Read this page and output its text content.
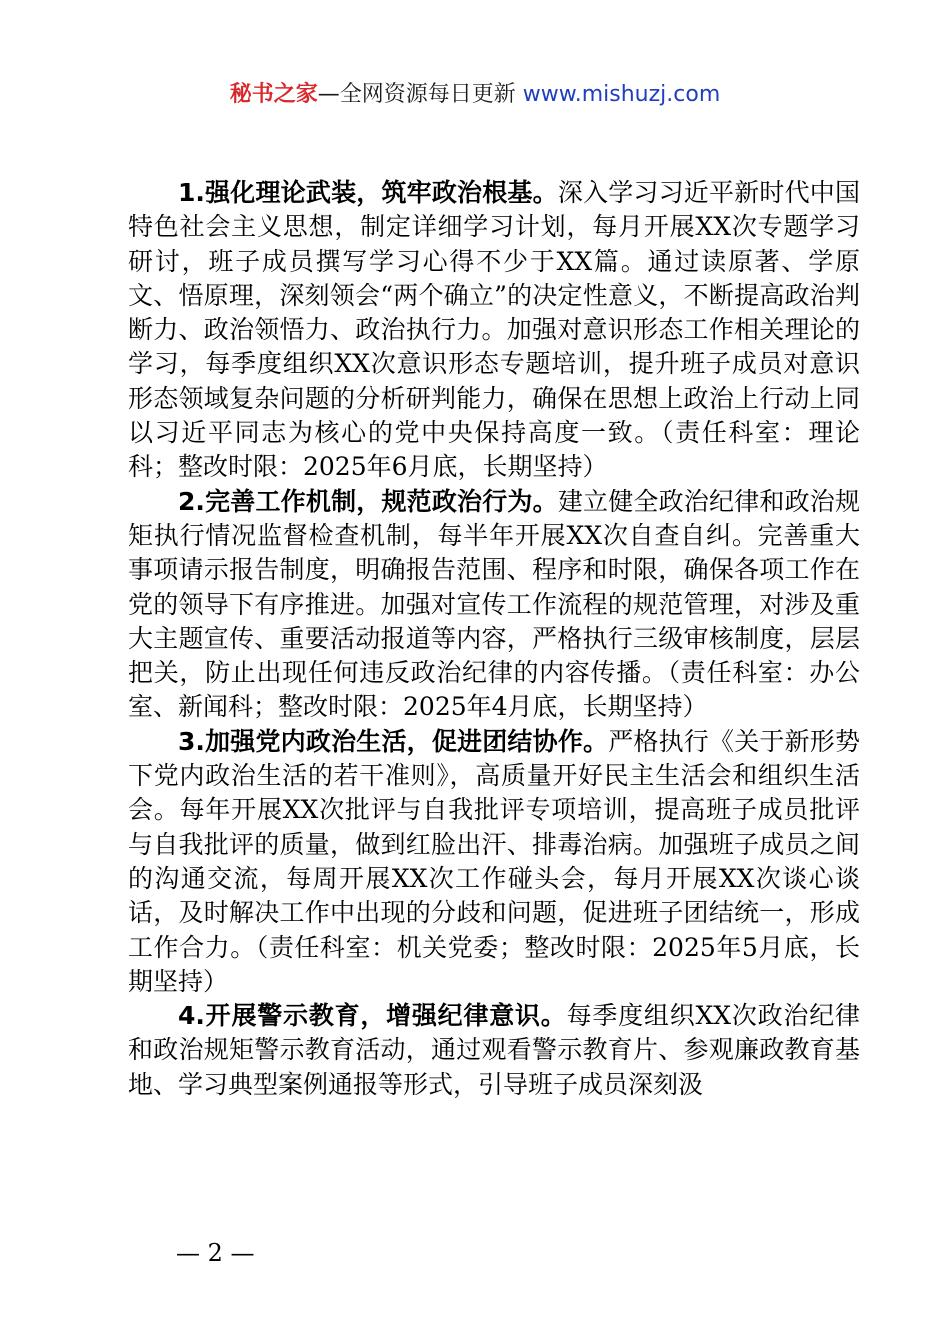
秘书之家—全网资源每日更新 www.mishuzj.com

1.强化理论武装，筑牢政治根基。深入学习习近平新时代中国特色社会主义思想，制定详细学习计划，每月开展XX次专题学习研讨，班子成员撰写学习心得不少于XX篇。通过读原著、学原文、悟原理，深刻领会“两个确立”的决定性意义，不断提高政治判断力、政治领悟力、政治执行力。加强对意识形态工作相关理论的学习，每季度组织XX次意识形态专题培训，提升班子成员对意识形态领域复杂问题的分析研判能力，确保在思想上政治上行动上同以习近平同志为核心的党中央保持高度一致。（责任科室：理论科；整改时限：2025年6月底，长期坚持）

2.完善工作机制，规范政治行为。建立健全政治纪律和政治规矩执行情况监督检查机制，每半年开展XX次自查自纠。完善重大事项请示报告制度，明确报告范围、程序和时限，确保各项工作在党的领导下有序推进。加强对宣传工作流程的规范管理，对涉及重大主题宣传、重要活动报道等内容，严格执行三级审核制度，层层把关，防止出现任何违反政治纪律的内容传播。（责任科室：办公室、新闻科；整改时限：2025年4月底，长期坚持）

3.加强党内政治生活，促进团结协作。严格执行《关于新形势下党内政治生活的若干准则》，高质量开好民主生活会和组织生活会。每年开展XX次批评与自我批评专项培训，提高班子成员批评与自我批评的质量，做到红脸出汗、排毒治病。加强班子成员之间的沟通交流，每周开展XX次工作碰头会，每月开展XX次谈心谈话，及时解决工作中出现的分歧和问题，促进班子团结统一，形成工作合力。（责任科室：机关党委；整改时限：2025年5月底，长期坚持）

4.开展警示教育，增强纪律意识。每季度组织XX次政治纪律和政治规矩警示教育活动，通过观看警示教育片、参观廉政教育基地、学习典型案例通报等形式，引导班子成员深刻汲

— 2 —
